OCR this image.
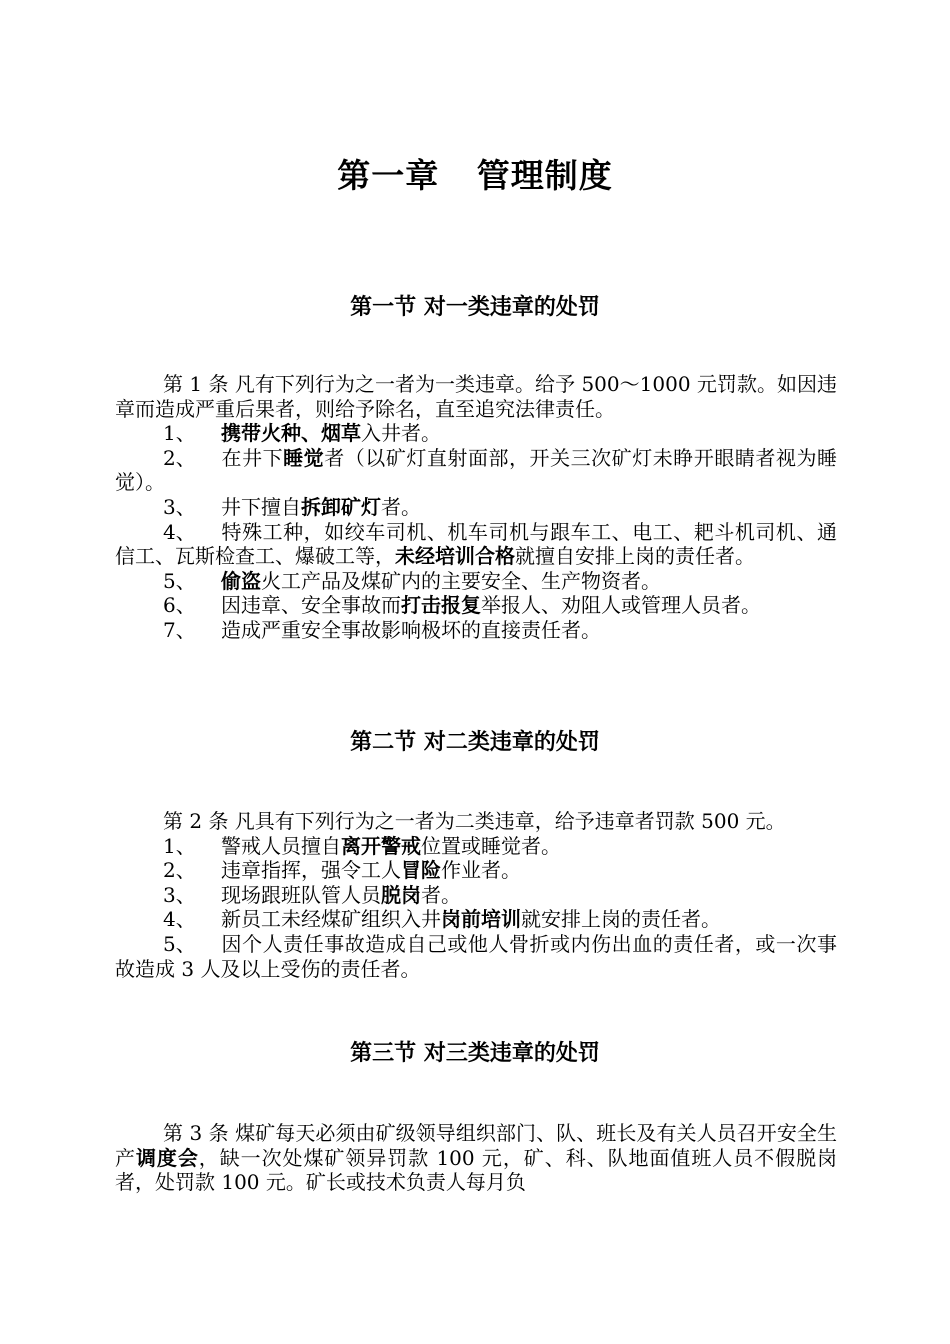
第一章   管理制度
第一节 对一类违章的处罚

第 1 条 凡有下列行为之一者为一类违章。给予 500～1000 元罚款。如因违章而造成严重后果者，则给予除名，直至追究法律责任。

1、 携带火种、烟草入井者。

2、 在井下睡觉者（以矿灯直射面部，开关三次矿灯未睁开眼睛者视为睡觉）。

3、 井下擅自拆卸矿灯者。

4、 特殊工种，如绞车司机、机车司机与跟车工、电工、耙斗机司机、通信工、瓦斯检查工、爆破工等，未经培训合格就擅自安排上岗的责任者。

5、 偷盗火工产品及煤矿内的主要安全、生产物资者。

6、 因违章、安全事故而打击报复举报人、劝阻人或管理人员者。

7、 造成严重安全事故影响极坏的直接责任者。

第二节 对二类违章的处罚

第 2 条 凡具有下列行为之一者为二类违章，给予违章者罚款 500 元。

1、 警戒人员擅自离开警戒位置或睡觉者。

2、 违章指挥，强令工人冒险作业者。

3、 现场跟班队管人员脱岗者。

4、 新员工未经煤矿组织入井岗前培训就安排上岗的责任者。

5、 因个人责任事故造成自己或他人骨折或内伤出血的责任者，或一次事故造成 3 人及以上受伤的责任者。

第三节 对三类违章的处罚

第 3 条 煤矿每天必须由矿级领导组织部门、队、班长及有关人员召开安全生产调度会，缺一次处煤矿领异罚款 100 元，矿、科、队地面值班人员不假脱岗者，处罚款 100 元。矿长或技术负责人每月负
